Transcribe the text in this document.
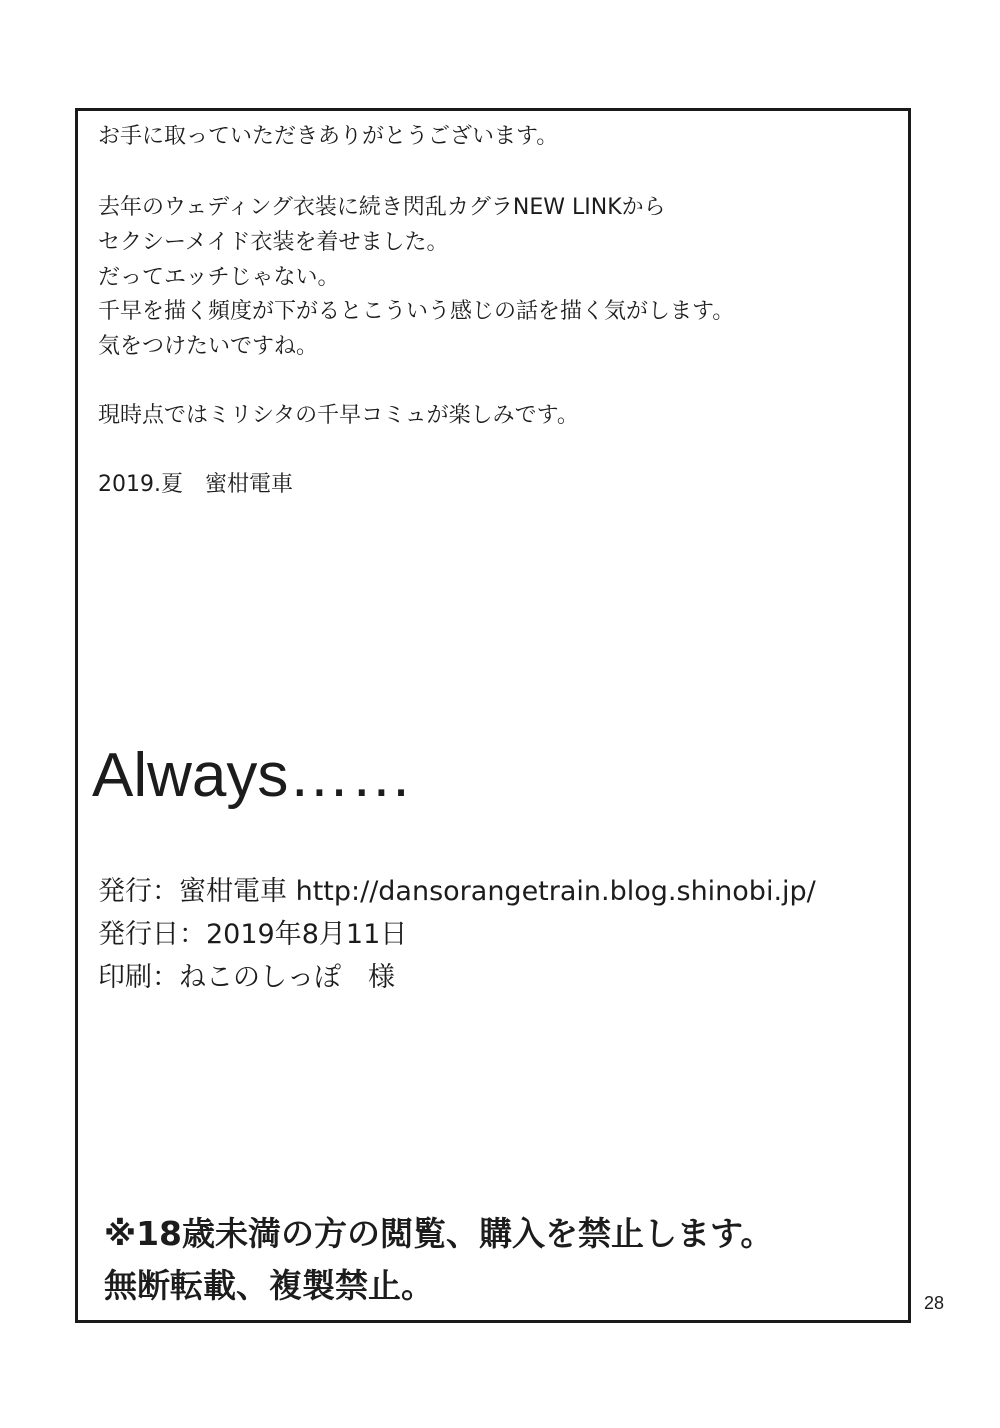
お手に取っていただきありがとうございます。
去年のウェディング衣装に続き閃乱カグラNEW LINKから
セクシーメイド衣装を着せました。
だってエッチじゃない。
千早を描く頻度が下がるとこういう感じの話を描く気がします。
気をつけたいですね。
現時点ではミリシタの千早コミュが楽しみです。
2019.夏　蜜柑電車
Always……
発行：蜜柑電車 http://dansorangetrain.blog.shinobi.jp/
発行日：2019年8月11日
印刷：ねこのしっぽ　様
※18歳未満の方の閲覧、購入を禁止します。
無断転載、複製禁止。	28
